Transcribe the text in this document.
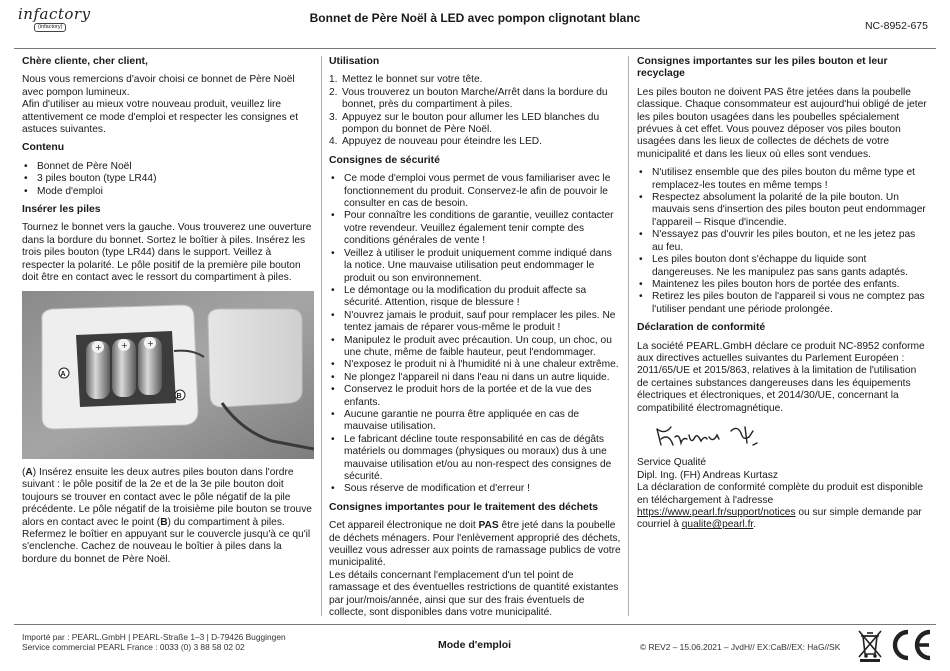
infactory
(infactory)
Bonnet de Père Noël à LED avec pompon clignotant blanc
NC-8952-675
Chère cliente, cher client,

Nous vous remercions d'avoir choisi ce bonnet de Père Noël avec pompon lumineux.
Afin d'utiliser au mieux votre nouveau produit, veuillez lire attentivement ce mode d'emploi et respecter les consignes et astuces suivantes.

Contenu
• Bonnet de Père Noël
• 3 piles bouton (type LR44)
• Mode d'emploi
Insérer les piles

Tournez le bonnet vers la gauche. Vous trouverez une ouverture dans la bordure du bonnet. Sortez le boîtier à piles. Insérez les trois piles bouton (type LR44) dans le support. Veillez à respecter la polarité. Le pôle positif de la première pile bouton doit être en contact avec le ressort du compartiment à piles.

+ + +
A
B

(A) Insérez ensuite les deux autres piles bouton dans l'ordre suivant : le pôle positif de la 2e et de la 3e pile bouton doit toujours se trouver en contact avec le pôle négatif de la pile précédente. Le pôle négatif de la troisième pile bouton se trouve alors en contact avec le point (B) du compartiment à piles. Refermez le boîtier en appuyant sur le couvercle jusqu'à ce qu'il s'enclenche. Cachez de nouveau le boîtier à piles dans la bordure du bonnet de Père Noël.

Utilisation
1. Mettez le bonnet sur votre tête.
2. Vous trouverez un bouton Marche/Arrêt dans la bordure du bonnet, près du compartiment à piles.
3. Appuyez sur le bouton pour allumer les LED blanches du pompon du bonnet de Père Noël.
4. Appuyez de nouveau pour éteindre les LED.
Consignes de sécurité
• Ce mode d'emploi vous permet de vous familiariser avec le fonctionnement du produit. Conservez-le afin de pouvoir le consulter en cas de besoin.
• Pour connaître les conditions de garantie, veuillez contacter votre revendeur. Veuillez également tenir compte des conditions générales de vente !
• Veillez à utiliser le produit uniquement comme indiqué dans la notice. Une mauvaise utilisation peut endommager le produit ou son environnement.
• Le démontage ou la modification du produit affecte sa sécurité. Attention, risque de blessure !
• N'ouvrez jamais le produit, sauf pour remplacer les piles. Ne tentez jamais de réparer vous-même le produit !
• Manipulez le produit avec précaution. Un coup, un choc, ou une chute, même de faible hauteur, peut l'endommager.
• N'exposez le produit ni à l'humidité ni à une chaleur extrême.
• Ne plongez l'appareil ni dans l'eau ni dans un autre liquide.
• Conservez le produit hors de la portée et de la vue des enfants.
• Aucune garantie ne pourra être appliquée en cas de mauvaise utilisation.
• Le fabricant décline toute responsabilité en cas de dégâts matériels ou dommages (physiques ou moraux) dus à une mauvaise utilisation et/ou au non-respect des consignes de sécurité.
• Sous réserve de modification et d'erreur !
Consignes importantes pour le traitement des déchets

Cet appareil électronique ne doit PAS être jeté dans la poubelle de déchets ménagers. Pour l'enlèvement approprié des déchets, veuillez vous adresser aux points de ramassage publics de votre municipalité.
Les détails concernant l'emplacement d'un tel point de ramassage et des éventuelles restrictions de quantité existantes par jour/mois/année, ainsi que sur des frais éventuels de collecte, sont disponibles dans votre municipalité.

Consignes importantes sur les piles bouton et leur recyclage

Les piles bouton ne doivent PAS être jetées dans la poubelle classique. Chaque consommateur est aujourd'hui obligé de jeter les piles bouton usagées dans les poubelles spécialement prévues à cet effet. Vous pouvez déposer vos piles bouton usagées dans les lieux de collectes de déchets de votre municipalité et dans les lieux où elles sont vendues.

• N'utilisez ensemble que des piles bouton du même type et remplacez-les toutes en même temps !
• Respectez absolument la polarité de la pile bouton. Un mauvais sens d'insertion des piles bouton peut endommager l'appareil – Risque d'incendie.
• N'essayez pas d'ouvrir les piles bouton, et ne les jetez pas au feu.
• Les piles bouton dont s'échappe du liquide sont dangereuses. Ne les manipulez pas sans gants adaptés.
• Maintenez les piles bouton hors de portée des enfants.
• Retirez les piles bouton de l'appareil si vous ne comptez pas l'utiliser pendant une période prolongée.
Déclaration de conformité

La société PEARL.GmbH déclare ce produit NC-8952 conforme aux directives actuelles suivantes du Parlement Européen : 2011/65/UE et 2015/863, relatives à la limitation de l'utilisation de certaines substances dangereuses dans les équipements électriques et électroniques, et 2014/30/UE, concernant la compatibilité électromagnétique.

Service Qualité
Dipl. Ing. (FH) Andreas Kurtasz
La déclaration de conformité complète du produit est disponible en téléchargement à l'adresse https://www.pearl.fr/support/notices ou sur simple demande par courriel à qualite@pearl.fr.

Importé par : PEARL.GmbH | PEARL-Straße 1–3 | D-79426 Buggingen
Service commercial PEARL France : 0033 (0) 3 88 58 02 02	Mode d'emploi	© REV2 – 15.06.2021 – JvdH// EX:CaB//EX: HaG//SK
